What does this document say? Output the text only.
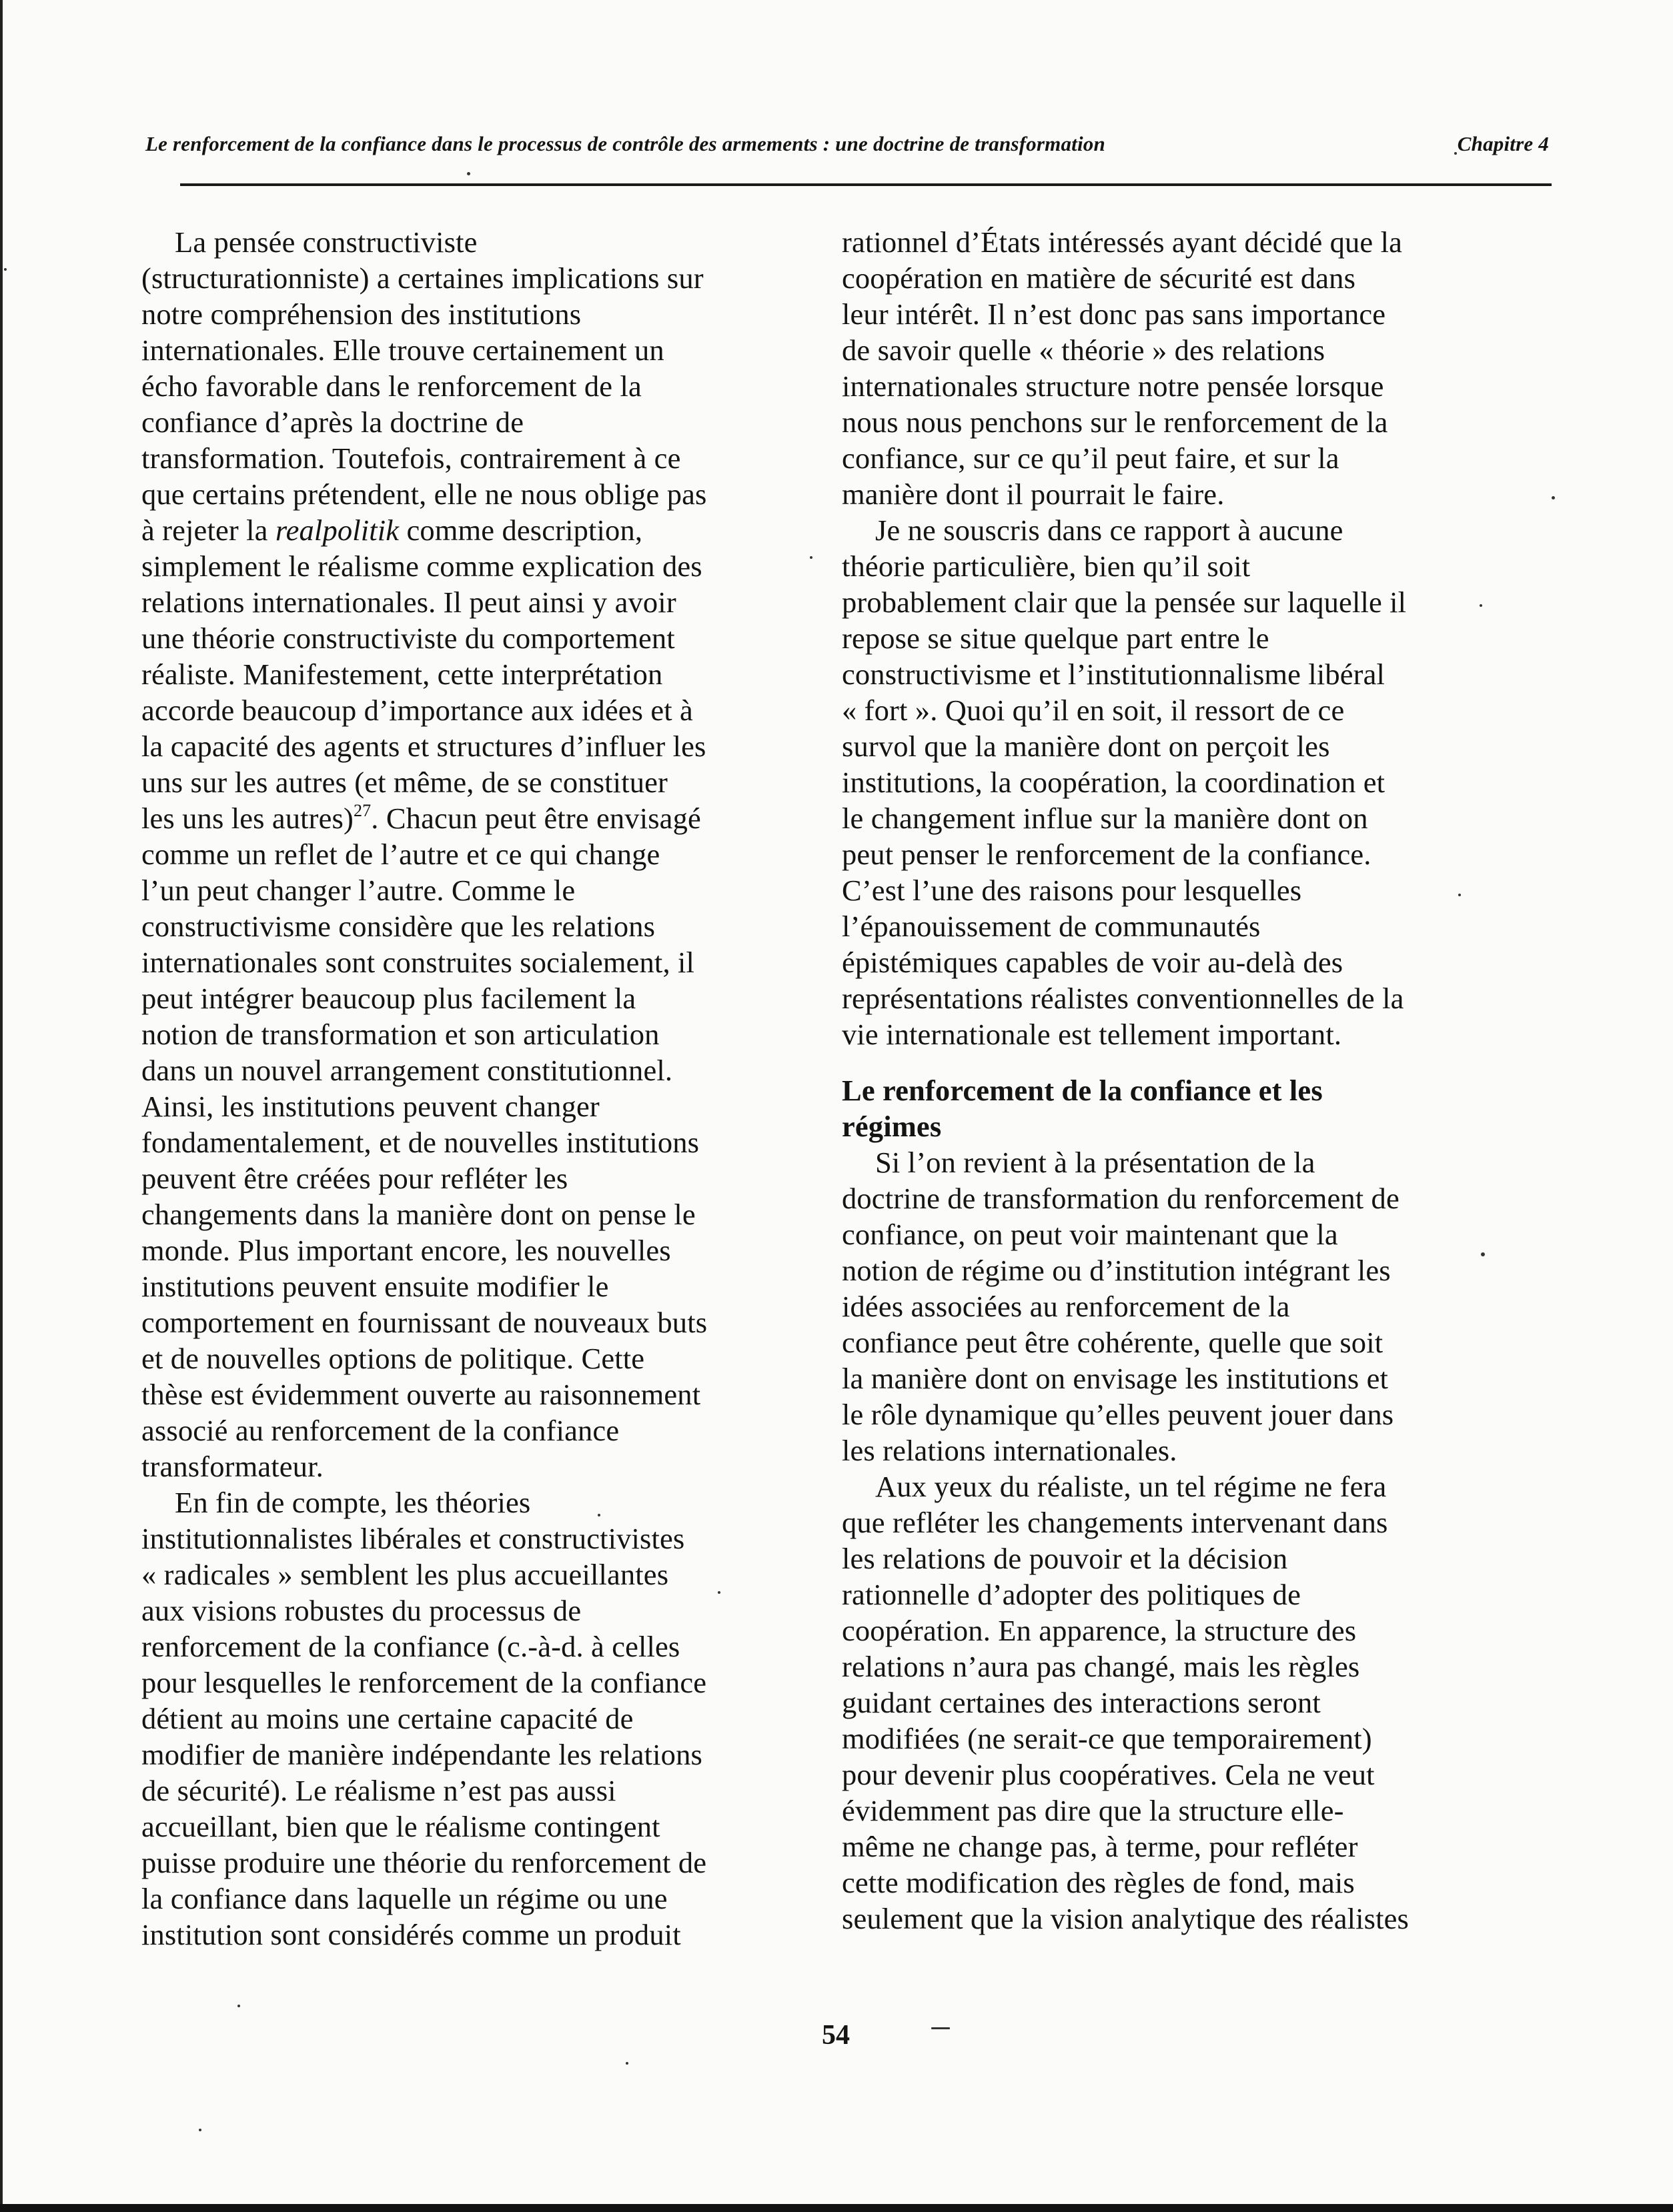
Le renforcement de la confiance dans le processus de contrôle des armements : une doctrine de transformation	Chapitre 4
La pensée constructiviste
(structurationniste) a certaines implications sur
notre compréhension des institutions
internationales. Elle trouve certainement un
écho favorable dans le renforcement de la
confiance d’après la doctrine de
transformation. Toutefois, contrairement à ce
que certains prétendent, elle ne nous oblige pas
à rejeter la realpolitik comme description,
simplement le réalisme comme explication des
relations internationales. Il peut ainsi y avoir
une théorie constructiviste du comportement
réaliste. Manifestement, cette interprétation
accorde beaucoup d’importance aux idées et à
la capacité des agents et structures d’influer les
uns sur les autres (et même, de se constituer
les uns les autres)$^{27}$. Chacun peut être envisagé
comme un reflet de l’autre et ce qui change
l’un peut changer l’autre. Comme le
constructivisme considère que les relations
internationales sont construites socialement, il
peut intégrer beaucoup plus facilement la
notion de transformation et son articulation
dans un nouvel arrangement constitutionnel.
Ainsi, les institutions peuvent changer
fondamentalement, et de nouvelles institutions
peuvent être créées pour refléter les
changements dans la manière dont on pense le
monde. Plus important encore, les nouvelles
institutions peuvent ensuite modifier le
comportement en fournissant de nouveaux buts
et de nouvelles options de politique. Cette
thèse est évidemment ouverte au raisonnement
associé au renforcement de la confiance
transformateur.
En fin de compte, les théories
institutionnalistes libérales et constructivistes
« radicales » semblent les plus accueillantes
aux visions robustes du processus de
renforcement de la confiance (c.-à-d. à celles
pour lesquelles le renforcement de la confiance
détient au moins une certaine capacité de
modifier de manière indépendante les relations
de sécurité). Le réalisme n’est pas aussi
accueillant, bien que le réalisme contingent
puisse produire une théorie du renforcement de
la confiance dans laquelle un régime ou une
institution sont considérés comme un produit
rationnel d’États intéressés ayant décidé que la
coopération en matière de sécurité est dans
leur intérêt. Il n’est donc pas sans importance
de savoir quelle « théorie » des relations
internationales structure notre pensée lorsque
nous nous penchons sur le renforcement de la
confiance, sur ce qu’il peut faire, et sur la
manière dont il pourrait le faire.
Je ne souscris dans ce rapport à aucune
théorie particulière, bien qu’il soit
probablement clair que la pensée sur laquelle il
repose se situe quelque part entre le
constructivisme et l’institutionnalisme libéral
« fort ». Quoi qu’il en soit, il ressort de ce
survol que la manière dont on perçoit les
institutions, la coopération, la coordination et
le changement influe sur la manière dont on
peut penser le renforcement de la confiance.
C’est l’une des raisons pour lesquelles
l’épanouissement de communautés
épistémiques capables de voir au-delà des
représentations réalistes conventionnelles de la
vie internationale est tellement important.
Le renforcement de la confiance et les
régimes
Si l’on revient à la présentation de la
doctrine de transformation du renforcement de
confiance, on peut voir maintenant que la
notion de régime ou d’institution intégrant les
idées associées au renforcement de la
confiance peut être cohérente, quelle que soit
la manière dont on envisage les institutions et
le rôle dynamique qu’elles peuvent jouer dans
les relations internationales.
Aux yeux du réaliste, un tel régime ne fera
que refléter les changements intervenant dans
les relations de pouvoir et la décision
rationnelle d’adopter des politiques de
coopération. En apparence, la structure des
relations n’aura pas changé, mais les règles
guidant certaines des interactions seront
modifiées (ne serait-ce que temporairement)
pour devenir plus coopératives. Cela ne veut
évidemment pas dire que la structure elle-
même ne change pas, à terme, pour refléter
cette modification des règles de fond, mais
seulement que la vision analytique des réalistes
54
